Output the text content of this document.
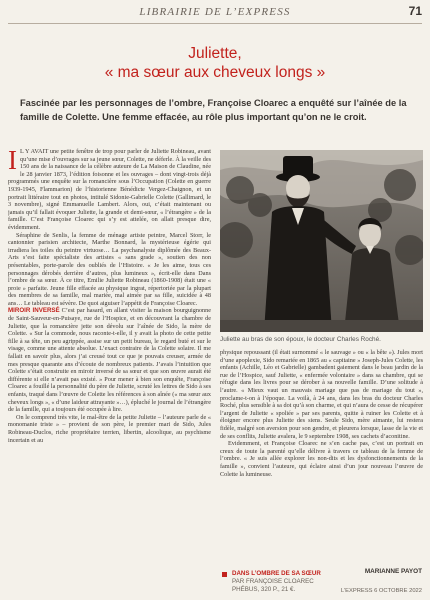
LIBRAIRIE DE L’EXPRESS	71
Juliette,
« ma sœur aux cheveux longs »
Fascinée par les personnages de l’ombre, Françoise Cloarec a enquêté sur l’aînée de la famille de Colette. Une femme effacée, au rôle plus important qu’on ne le croit.

I L Y AVAIT une petite fenêtre de trop pour parler de Juliette Robineau, avant qu’une mise d’ouvrages sur sa jeune sœur, Colette, ne déferle. À la veille des 150 ans de la naissance de la célèbre auteure de La Maison de Claudine, née le 28 janvier 1873, l’édition foisonne et les ouvrages – dont vingt-trois déjà programmés une enquête sur la romancière sous l’Occupation (Colette en guerre 1939-1945, Flammarion) de l’historienne Bénédicte Vergez-Chaignon, et un portrait littéraire tout en photos, intitulé Sidonie-Gabrielle Colette (Gallimard, le 3 novembre), signé Emmanuelle Lambert. Alors, oui, c’était maintenant ou jamais qu’il fallait évoquer Juliette, la grande et demi-sœur, « l’étrangère » de la famille. C’est Françoise Cloarec qui s’y est attelée, on allait presque dire, évidemment.

Séraphine de Senlis, la femme de ménage artiste peintre, Marcel Storr, le cantonnier parisien architecte, Marthe Bonnard, la mystérieuse égérie qui irradiera les toiles du peintre virtuose… La psychanalyste diplômée des Beaux-Arts s’est faite spécialiste des artistes « sans grade », soutien des non présentables, porte-parole des oubliés de l’Histoire. « Je les aime, tous ces personnages dérobés derrière d’autres, plus lumineux », écrit-elle dans Dans l’ombre de sa sœur. À ce titre, Emilie Juliette Robineau (1860-1908) était une « proie » parfaite. Jeune fille effacée au physique ingrat, répertoriée par la plupart des membres de sa famille, mal mariée, mal aimée par sa fille, suicidée à 48 ans… Le tableau est sévère. De quoi aiguiser l’appétit de Françoise Cloarec.

MIROIR INVERSÉ C’est par hasard, en allant visiter la maison bourguignonne de Saint-Sauveur-en-Puisaye, rue de l’Hospice, et en découvrant la chambre de Juliette, que la romancière jette son dévolu sur l’aînée de Sido, la mère de Colette. « Sur la commode, nous raconte-t-elle, il y avait la photo de cette petite fille à sa tête, un peu agrippée, assise sur un petit bureau, le regard buté et sur le visage, comme une attente absolue. L’exact contraire de la Colette solaire. Il me fallait en savoir plus, alors j’ai creusé tout ce que je pouvais creuser, armée de mes presque quarante ans d’écoute de nombreux patients. J’avais l’intuition que Colette s’était construite en miroir inversé de sa sœur et que son œuvre aurait été différente si elle n’avait pas existé. » Pour mener à bien son enquête, Françoise Cloarec a fouillé la personnalité du père de Juliette, scruté les lettres de Sido à ses enfants, traqué dans l’œuvre de Colette les références à son aînée (« ma sœur aux cheveux longs », « d’une laideur attrayante »…), épluché le journal de l’étrangère de la famille, qui a toujours été occupée à lire.

On le comprend très vite, le mal-être de la petite Juliette – l’auteure parle de « monomanie triste » – provient de son père, le premier mari de Sido, Jules Robineau-Duclos, riche propriétaire terrien, libertin, alcoolique, au psychisme incertain et au

Juliette au bras de son époux, le docteur Charles Roché.

physique repoussant (il était surnommé « le sauvage » ou « la bête »). Jules mort d’une apoplexie, Sido remariée en 1865 au « capitaine » Joseph-Jules Colette, les enfants (Achille, Léo et Gabrielle) gambadent gaiement dans le beau jardin de la rue de l’Hospice, sauf Juliette, « enfermée volontaire » dans sa chambre, qui se réfugie dans les livres pour se dérober à sa nouvelle famille. D’une solitude à l’autre. « Mieux vaut un mauvais mariage que pas de mariage du tout », proclame-t-on à l’époque. La voilà, à 24 ans, dans les bras du docteur Charles Roché, plus sensible à sa dot qu’à son charme, et qui n’aura de cesse de récupérer l’argent de Juliette « spoliée » par ses parents, quitte à ruiner les Colette et à éloigner encore plus Juliette des siens. Seule Sido, mère aimante, lui restera fidèle, malgré son aversion pour son gendre, et pleurera lorsque, lasse de la vie et de ses conflits, Juliette avalera, le 9 septembre 1908, ses cachets d’aconitine.

Evidemment, et Françoise Cloarec ne s’en cache pas, c’est un portrait en creux de toute la parenté qu’elle délivre à travers ce tableau de la femme de l’ombre. « Je suis allée explorer les non-dits et les dysfonctionnements de la famille », convient l’auteure, qui éclaire ainsi d’un jour nouveau l’œuvre de Colette la lumineuse.

MARIANNE PAYOT
DANS L’OMBRE DE SA SŒUR
PAR FRANÇOISE CLOAREC
PHÉBUS, 320 P., 21 €.	L’EXPRESS 6 OCTOBRE 2022
